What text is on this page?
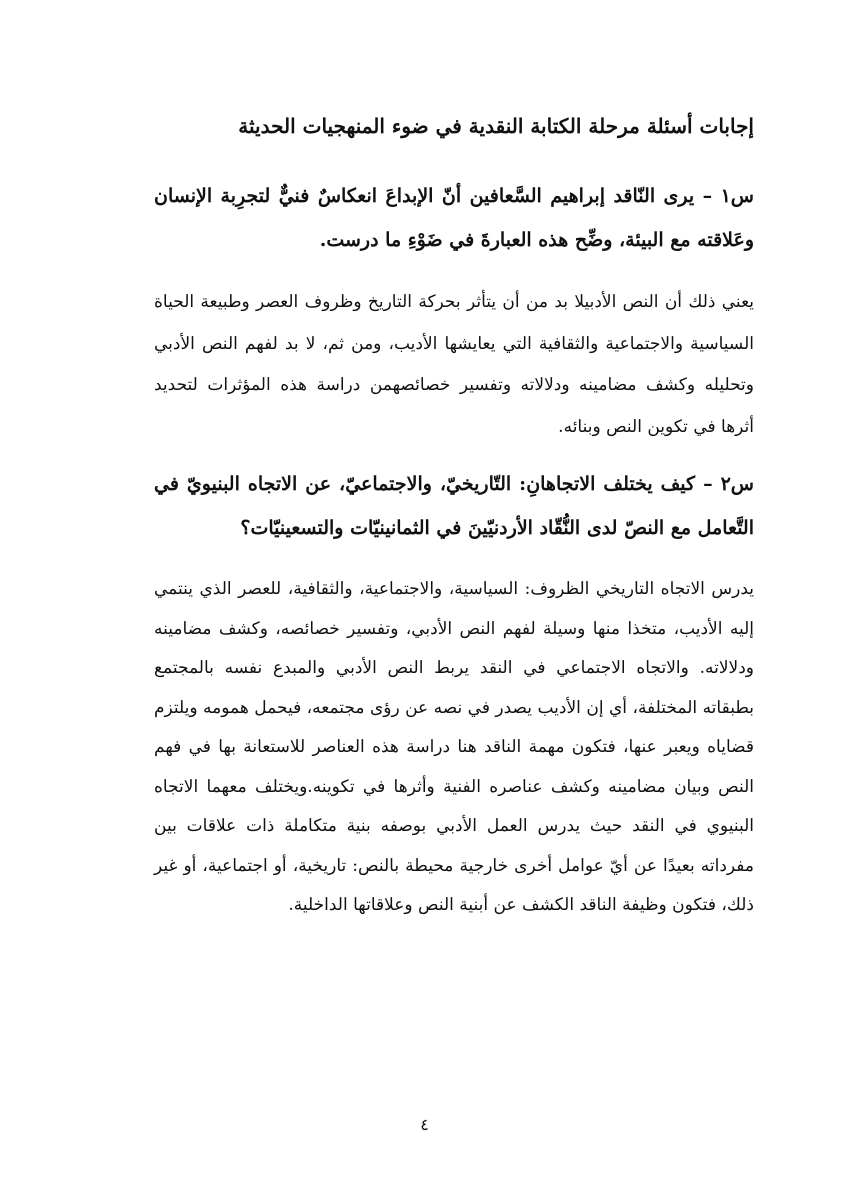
إجابات أسئلة مرحلة الكتابة النقدية في ضوء المنهجيات الحديثة

س١ – يرى النّاقد إبراهيم السَّعافين أنّ الإبداعَ انعكاسٌ فنيٌّ لتجرِبة الإنسان وعَلاقته مع البيئة، وضِّح هذه العبارةَ في ضَوْءِ ما درست.

يعني ذلك أن النص الأدبيلا بد من أن يتأثر بحركة التاريخ وظروف العصر وطبيعة الحياة السياسية والاجتماعية والثقافية التي يعايشها الأديب، ومن ثم، لا بد لفهم النص الأدبي وتحليله وكشف مضامينه ودلالاته وتفسير خصائصهمن دراسة هذه المؤثرات لتحديد أثرها في تكوين النص وبنائه.

س٢ – كيف يختلف الاتجاهانِ: التّاريخيّ، والاجتماعيّ، عن الاتجاه البنيويّ في التَّعامل مع النصّ لدى النُّقّاد الأردنيّينَ في الثمانينيّات والتسعينيّات؟

يدرس الاتجاه التاريخي الظروف: السياسية، والاجتماعية، والثقافية، للعصر الذي ينتمي إليه الأديب، متخذا منها وسيلة لفهم النص الأدبي، وتفسير خصائصه، وكشف مضامينه ودلالاته. والاتجاه الاجتماعي في النقد يربط النص الأدبي والمبدع نفسه بالمجتمع بطبقاته المختلفة، أي إن الأديب يصدر في نصه عن رؤى مجتمعه، فيحمل همومه ويلتزم قضاياه ويعبر عنها، فتكون مهمة الناقد هنا دراسة هذه العناصر للاستعانة بها في فهم النص وبيان مضامينه وكشف عناصره الفنية وأثرها في تكوينه.ويختلف معهما الاتجاه البنيوي في النقد حيث يدرس العمل الأدبي بوصفه بنية متكاملة ذات علاقات بين مفرداته بعيدًا عن أيّ عوامل أخرى خارجية محيطة بالنص: تاريخية، أو اجتماعية، أو غير ذلك، فتكون وظيفة الناقد الكشف عن أبنية النص وعلاقاتها الداخلية.

٤
